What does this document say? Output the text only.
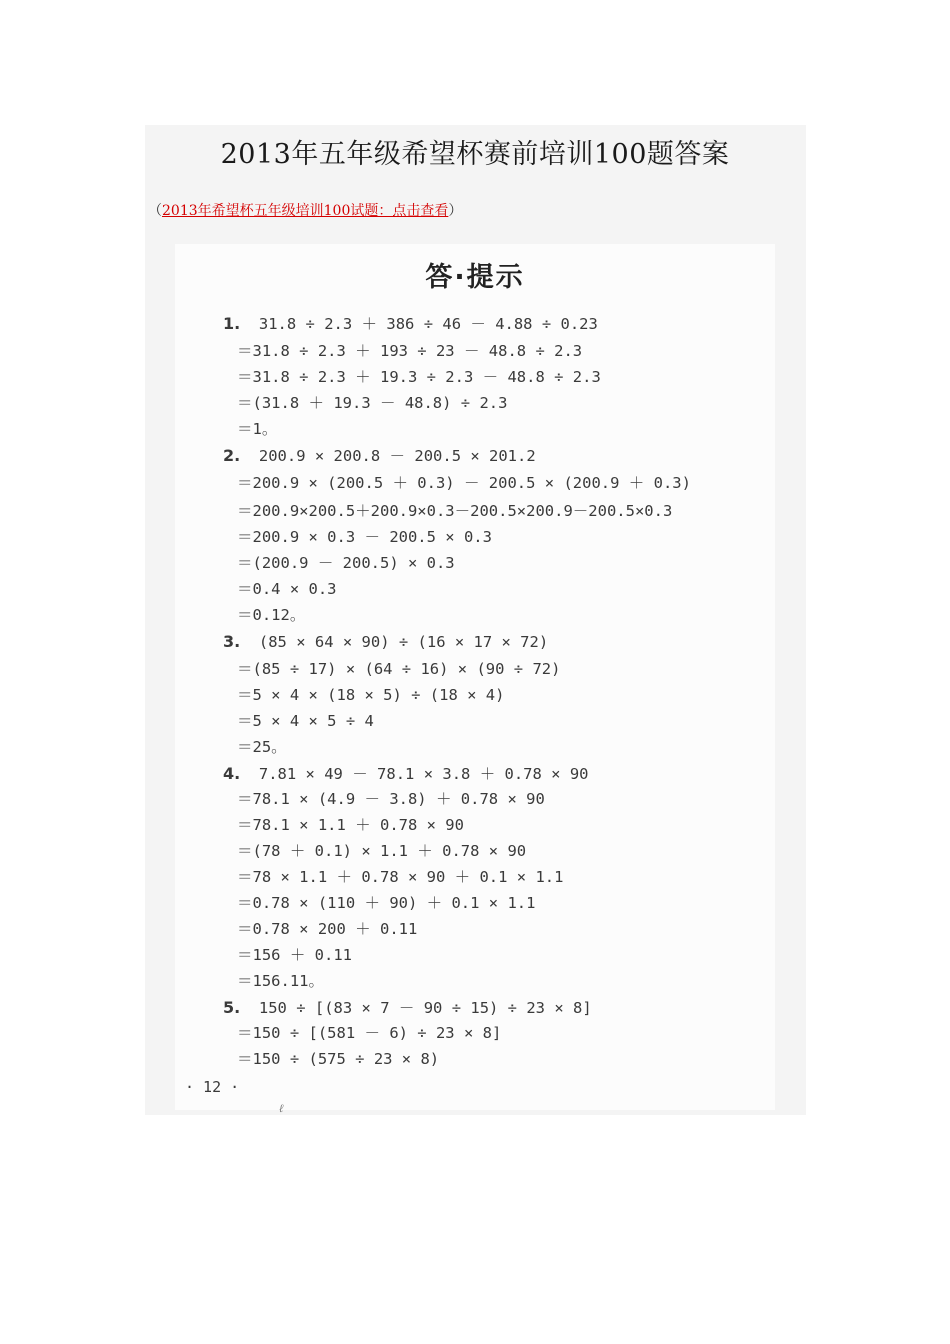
2013年五年级希望杯赛前培训100题答案
（2013年希望杯五年级培训100试题：点击查看）
答·提示
1. 31.8 ÷ 2.3 ＋ 386 ÷ 46 － 4.88 ÷ 0.23
＝31.8 ÷ 2.3 ＋ 193 ÷ 23 － 48.8 ÷ 2.3
＝31.8 ÷ 2.3 ＋ 19.3 ÷ 2.3 － 48.8 ÷ 2.3
＝(31.8 ＋ 19.3 － 48.8) ÷ 2.3
＝1。
2. 200.9 × 200.8 － 200.5 × 201.2
＝200.9 × (200.5 ＋ 0.3) － 200.5 × (200.9 ＋ 0.3)
＝200.9×200.5＋200.9×0.3－200.5×200.9－200.5×0.3
＝200.9 × 0.3 － 200.5 × 0.3
＝(200.9 － 200.5) × 0.3
＝0.4 × 0.3
＝0.12。
3. (85 × 64 × 90) ÷ (16 × 17 × 72)
＝(85 ÷ 17) × (64 ÷ 16) × (90 ÷ 72)
＝5 × 4 × (18 × 5) ÷ (18 × 4)
＝5 × 4 × 5 ÷ 4
＝25。
4. 7.81 × 49 － 78.1 × 3.8 ＋ 0.78 × 90
＝78.1 × (4.9 － 3.8) ＋ 0.78 × 90
＝78.1 × 1.1 ＋ 0.78 × 90
＝(78 ＋ 0.1) × 1.1 ＋ 0.78 × 90
＝78 × 1.1 ＋ 0.78 × 90 ＋ 0.1 × 1.1
＝0.78 × (110 ＋ 90) ＋ 0.1 × 1.1
＝0.78 × 200 ＋ 0.11
＝156 ＋ 0.11
＝156.11。
5. 150 ÷ [(83 × 7 － 90 ÷ 15) ÷ 23 × 8]
＝150 ÷ [(581 － 6) ÷ 23 × 8]
＝150 ÷ (575 ÷ 23 × 8)
· 12 ·
ℓ
